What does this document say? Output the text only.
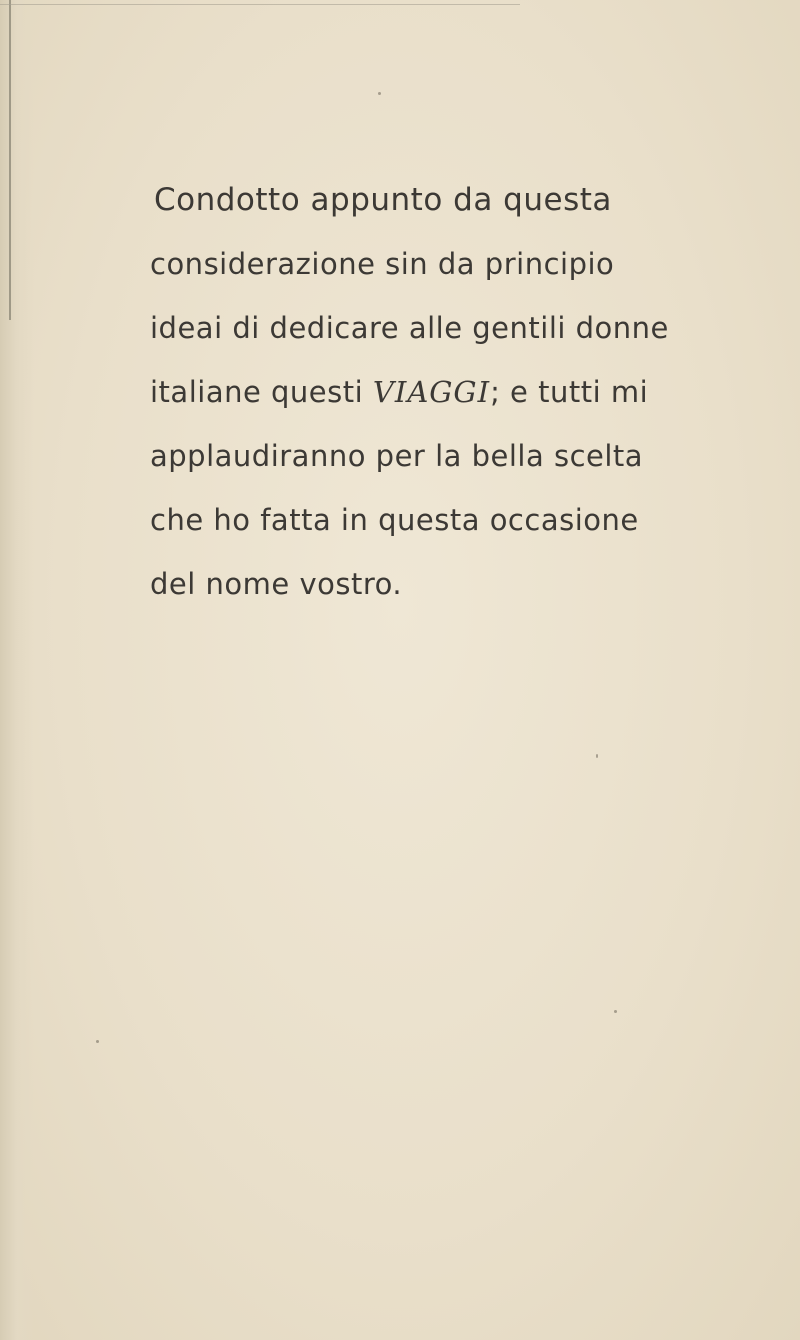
Condotto appunto da questa
considerazione sin da principio
ideai di dedicare alle gentili donne
italiane questi VIAGGI; e tutti mi
applaudiranno per la bella scelta
che ho fatta in questa occasione
del nome vostro.
